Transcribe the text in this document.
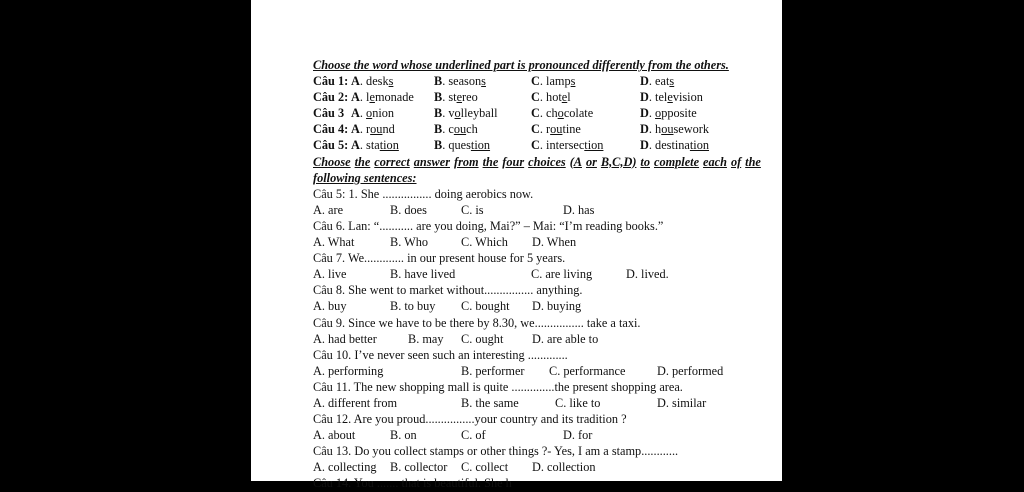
Choose the word whose underlined part is pronounced differently from the others.
Câu 1: A. desks	B. seasons	C. lamps	D. eats
Câu 2: A. lemonade B. stereo	C. hotel	D. television
Câu 3 A. onion	B. volleyball	C. chocolate	D. opposite
Câu 4: A. round	B. couch	C. routine	D. housework
Câu 5: A. station	B. question	C. intersection	D. destination
Choose the correct answer from the four choices (A or B,C,D) to complete each of the
following sentences:
Câu 5: 1. She ................ doing aerobics now.
A. are	B. does	C. is	D. has
Câu 6. Lan: “........... are you doing, Mai?” – Mai: “I’m reading books.”
A. What	B. Who	C. Which D. When
Câu 7. We............. in our present house for 5 years.
A. live	B. have lived	C. are living	D. lived.
Câu 8. She went to market without................ anything.
A. buy	B. to buy C. bought D. buying
Câu 9. Since we have to be there by 8.30, we................ take a taxi.
A. had better	B. may C. ought D. are able to
Câu 10. I’ve never seen such an interesting .............
A. performing	B. performer C. performance	D. performed
Câu 11. The new shopping mall is quite ..............the present shopping area.
A. different from	B. the same	C. like to	D. similar
Câu 12. Are you proud................your country and its tradition ?
A. about	B. on	C. of	D. for
Câu 13. Do you collect stamps or other things ?- Yes, I am a stamp............
A. collecting B. collector C. collect D. collection
Câu 14. You ....... that is beautiful. She h
